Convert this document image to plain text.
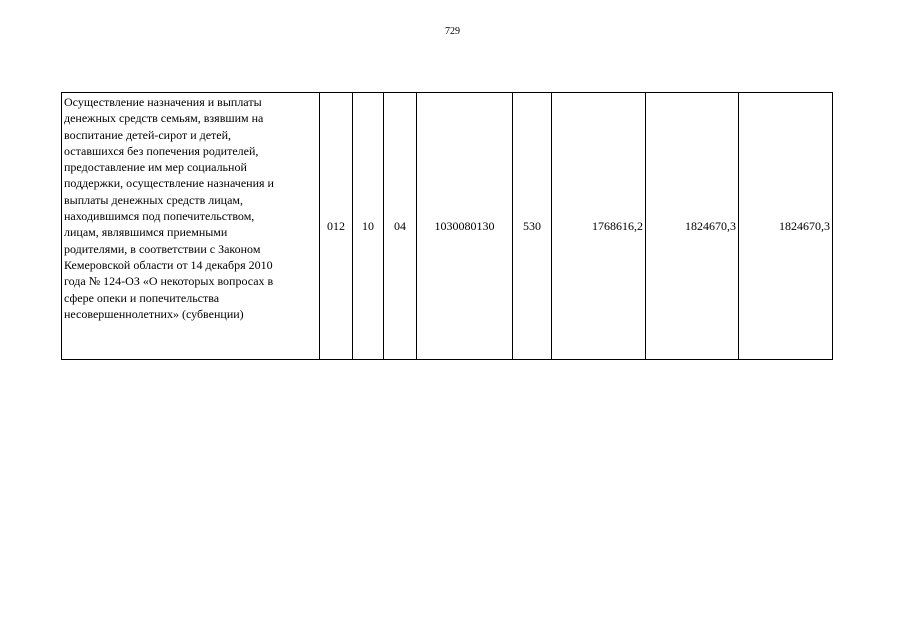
729
Осуществление назначения и выплаты
денежных средств семьям, взявшим на
воспитание детей-сирот и детей,
оставшихся без попечения родителей,
предоставление им мер социальной
поддержки, осуществление назначения и
выплаты денежных средств лицам,
находившимся под попечительством,
лицам, являвшимся приемными
родителями, в соответствии с Законом
Кемеровской области от 14 декабря 2010
года № 124-ОЗ «О некоторых вопросах в
сфере опеки и попечительства
несовершеннолетних» (субвенции)
	012	10	04	1030080130	530	1768616,2	1824670,3	1824670,3
